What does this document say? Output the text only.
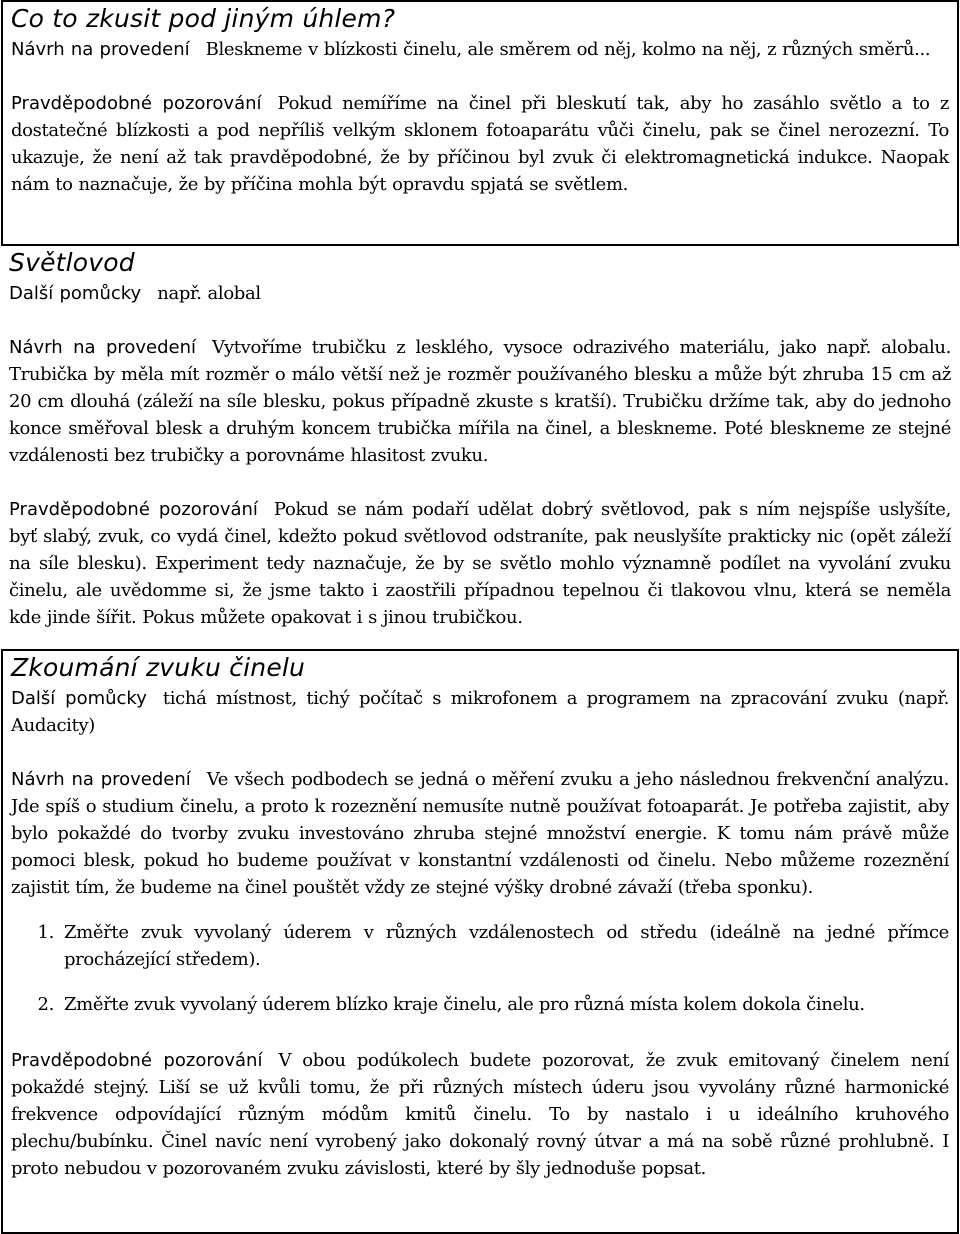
Co to zkusit pod jiným úhlem?

Návrh na provedení Bleskneme v blízkosti činelu, ale směrem od něj, kolmo na něj, z různých směrů...

Pravděpodobné pozorování Pokud nemíříme na činel při bleskutí tak, aby ho zasáhlo světlo a to z dostatečné blízkosti a pod nepříliš velkým sklonem fotoaparátu vůči činelu, pak se činel nerozezní. To ukazuje, že není až tak pravděpodobné, že by příčinou byl zvuk či elektromagnetická indukce. Naopak nám to naznačuje, že by příčina mohla být opravdu spjatá se světlem.

Světlovod

Další pomůcky např. alobal

Návrh na provedení Vytvoříme trubičku z lesklého, vysoce odrazivého materiálu, jako např. alobalu. Trubička by měla mít rozměr o málo větší než je rozměr používaného blesku a může být zhruba 15 cm až 20 cm dlouhá (záleží na síle blesku, pokus případně zkuste s kratší). Trubičku držíme tak, aby do jednoho konce směřoval blesk a druhým koncem trubička mířila na činel, a bleskneme. Poté bleskneme ze stejné vzdálenosti bez trubičky a porovnáme hlasitost zvuku.

Pravděpodobné pozorování Pokud se nám podaří udělat dobrý světlovod, pak s ním nejspíše uslyšíte, byť slabý, zvuk, co vydá činel, kdežto pokud světlovod odstraníte, pak neuslyšíte prakticky nic (opět záleží na síle blesku). Experiment tedy naznačuje, že by se světlo mohlo významně podílet na vyvolání zvuku činelu, ale uvědomme si, že jsme takto i zaostřili případnou tepelnou či tlakovou vlnu, která se neměla kde jinde šířit. Pokus můžete opakovat i s jinou trubičkou.

Zkoumání zvuku činelu

Další pomůcky tichá místnost, tichý počítač s mikrofonem a programem na zpracování zvuku (např. Audacity)

Návrh na provedení Ve všech podbodech se jedná o měření zvuku a jeho následnou frekvenční analýzu. Jde spíš o studium činelu, a proto k rozeznění nemusíte nutně používat fotoaparát. Je potřeba zajistit, aby bylo pokaždé do tvorby zvuku investováno zhruba stejné množství energie. K tomu nám právě může pomoci blesk, pokud ho budeme používat v konstantní vzdálenosti od činelu. Nebo můžeme rozeznění zajistit tím, že budeme na činel pouštět vždy ze stejné výšky drobné závaží (třeba sponku).

1. Změřte zvuk vyvolaný úderem v různých vzdálenostech od středu (ideálně na jedné přímce procházející středem).
2. Změřte zvuk vyvolaný úderem blízko kraje činelu, ale pro různá místa kolem dokola činelu.

Pravděpodobné pozorování V obou podúkolech budete pozorovat, že zvuk emitovaný činelem není pokaždé stejný. Liší se už kvůli tomu, že při různých místech úderu jsou vyvolány různé harmonické frekvence odpovídající různým módům kmitů činelu. To by nastalo i u ideálního kruhového plechu/bubínku. Činel navíc není vyrobený jako dokonalý rovný útvar a má na sobě různé prohlubně. I proto nebudou v pozorovaném zvuku závislosti, které by šly jednoduše popsat.
